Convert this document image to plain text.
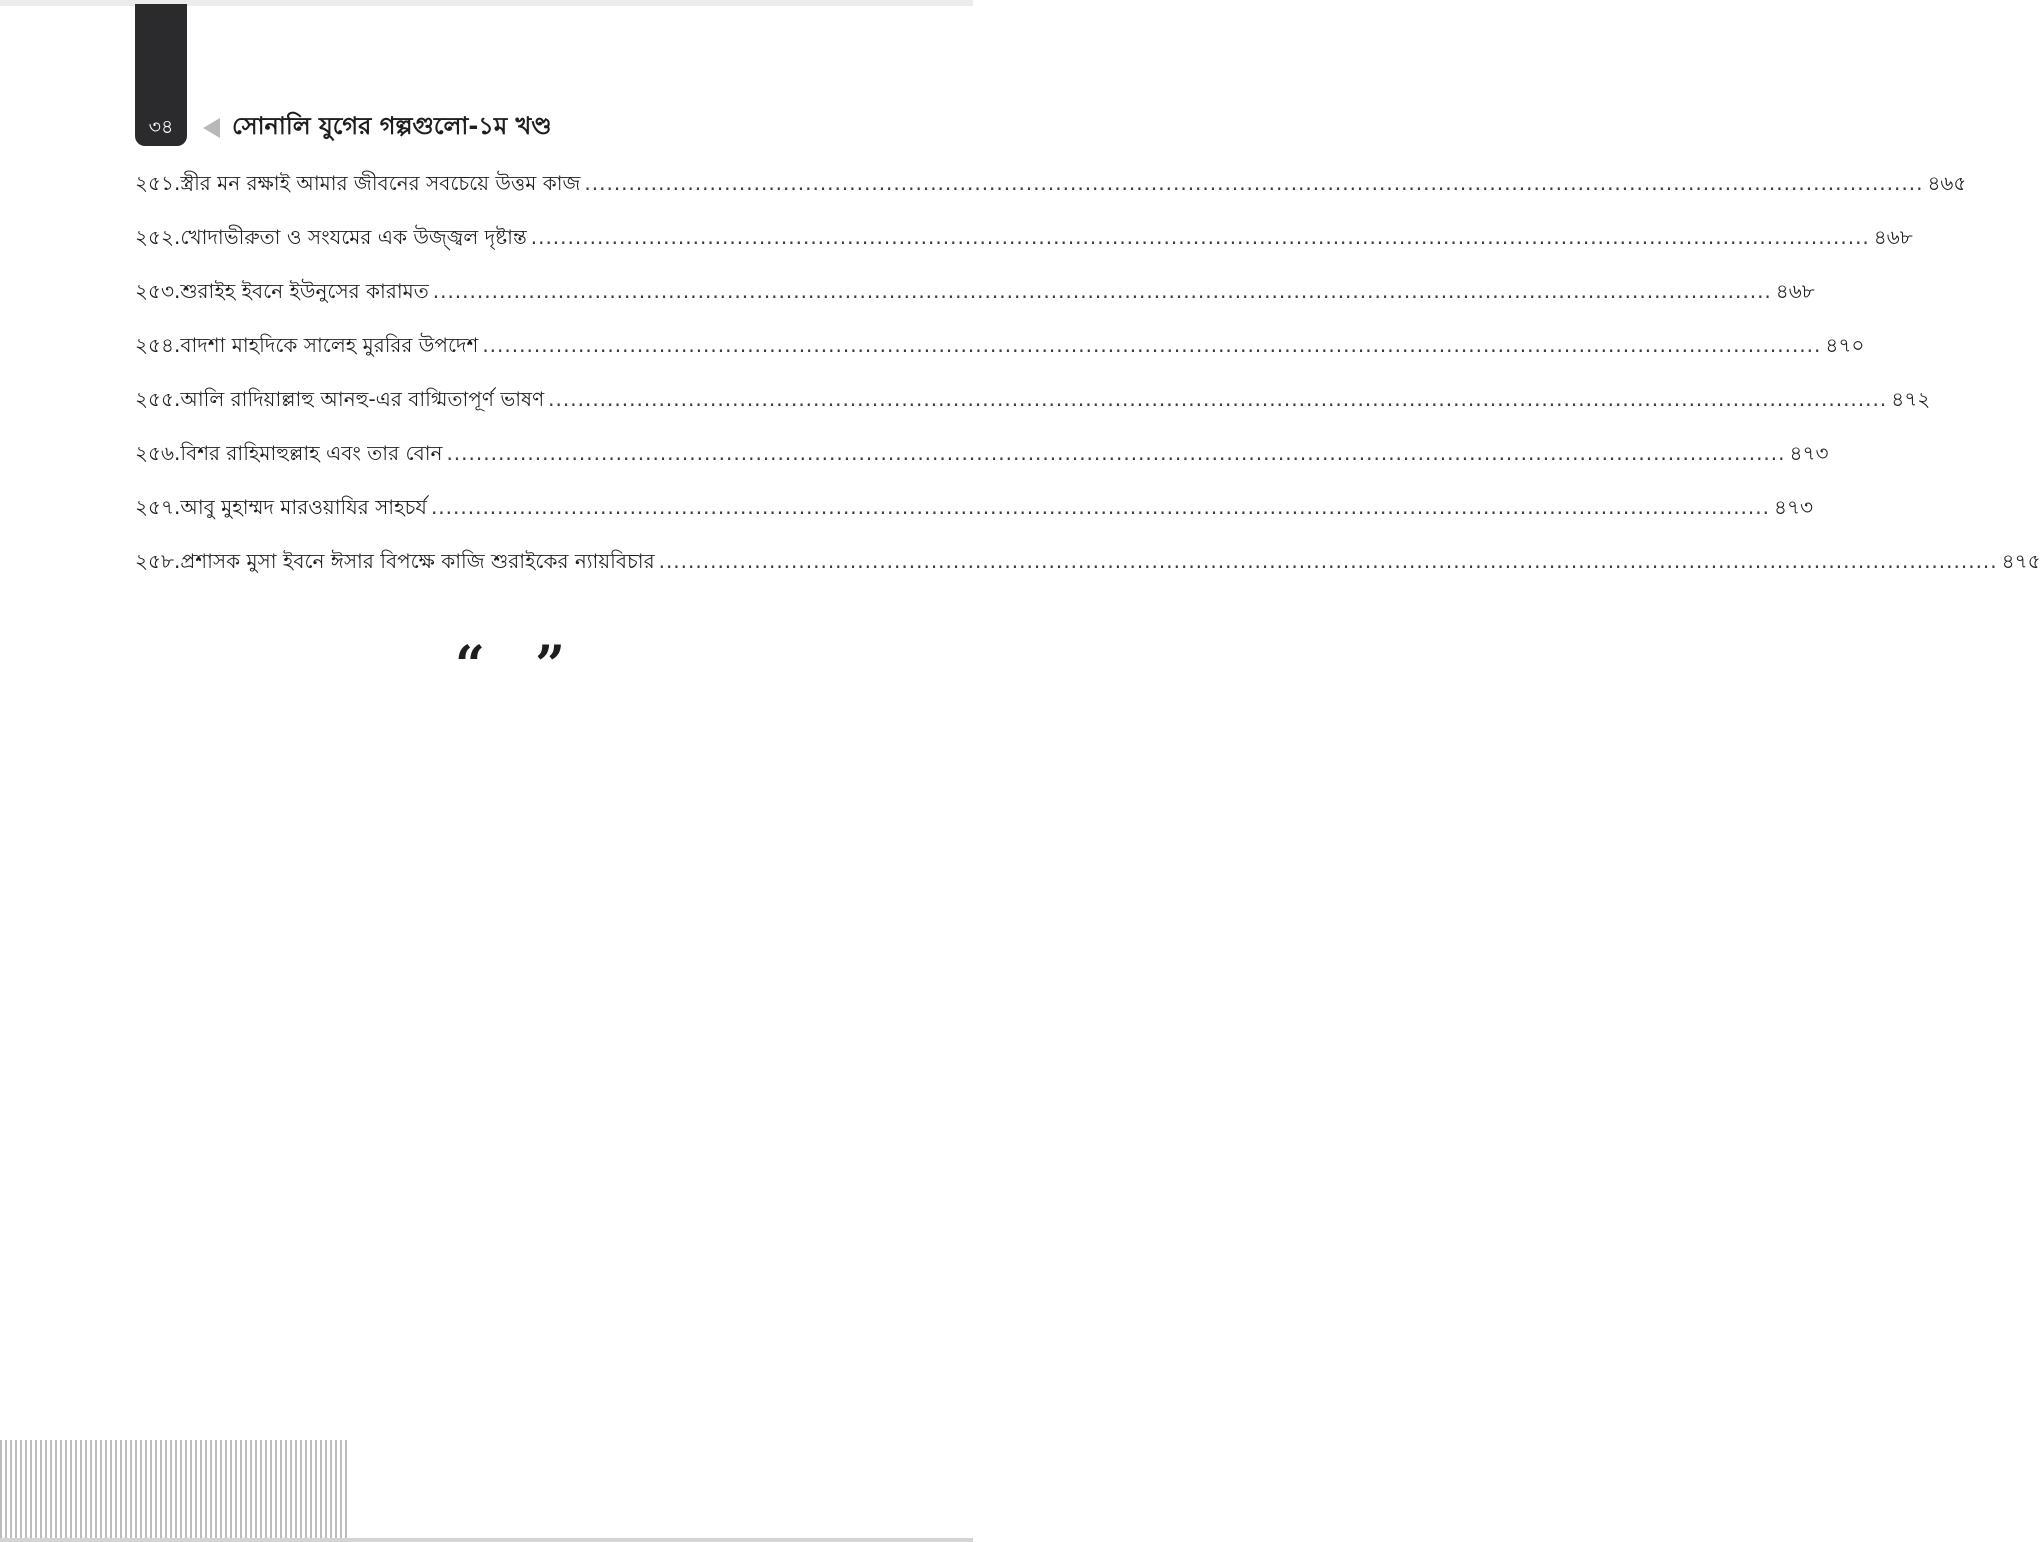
৩৪	সোনালি যুগের গল্পগুলো-১ম খণ্ড
২৫১. স্ত্রীর মন রক্ষাই আমার জীবনের সবচেয়ে উত্তম কাজ .....	৪৬৫
২৫২. খোদাভীরুতা ও সংযমের এক উজ্জ্বল দৃষ্টান্ত .....	৪৬৮
২৫৩. শুরাইহ ইবনে ইউনুসের কারামত .....	৪৬৮
২৫৪. বাদশা মাহদিকে সালেহ মুররির উপদেশ .....	৪৭০
২৫৫. আলি রাদিয়াল্লাহু আনহু-এর বাগ্মিতাপূর্ণ ভাষণ .....	৪৭২
২৫৬. বিশর রাহিমাহুল্লাহ এবং তার বোন .....	৪৭৩
২৫৭. আবু মুহাম্মদ মারওয়াযির সাহচর্য .....	৪৭৩
২৫৮. প্রশাসক মুসা ইবনে ঈসার বিপক্ষে কাজি শুরাইকের ন্যায়বিচার .....	৪৭৫
“ ”
